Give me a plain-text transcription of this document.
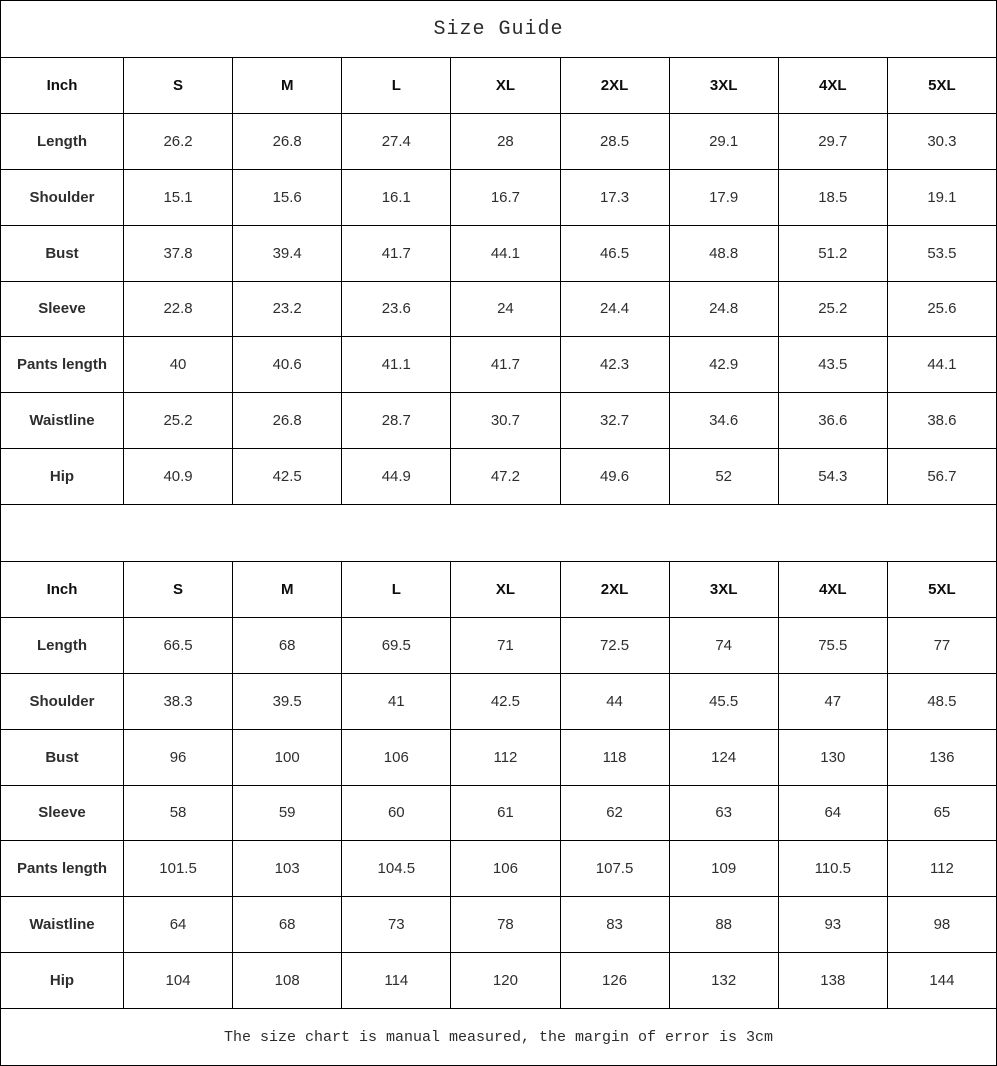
Size Guide								
Inch	S	M	L	XL	2XL	3XL	4XL	5XL
Length	26.2	26.8	27.4	28	28.5	29.1	29.7	30.3
Shoulder	15.1	15.6	16.1	16.7	17.3	17.9	18.5	19.1
Bust	37.8	39.4	41.7	44.1	46.5	48.8	51.2	53.5
Sleeve	22.8	23.2	23.6	24	24.4	24.8	25.2	25.6
Pants length	40	40.6	41.1	41.7	42.3	42.9	43.5	44.1
Waistline	25.2	26.8	28.7	30.7	32.7	34.6	36.6	38.6
Hip	40.9	42.5	44.9	47.2	49.6	52	54.3	56.7

Inch	S	M	L	XL	2XL	3XL	4XL	5XL
Length	66.5	68	69.5	71	72.5	74	75.5	77
Shoulder	38.3	39.5	41	42.5	44	45.5	47	48.5
Bust	96	100	106	112	118	124	130	136
Sleeve	58	59	60	61	62	63	64	65
Pants length	101.5	103	104.5	106	107.5	109	110.5	112
Waistline	64	68	73	78	83	88	93	98
Hip	104	108	114	120	126	132	138	144
The size chart is manual measured, the margin of error is 3cm								
